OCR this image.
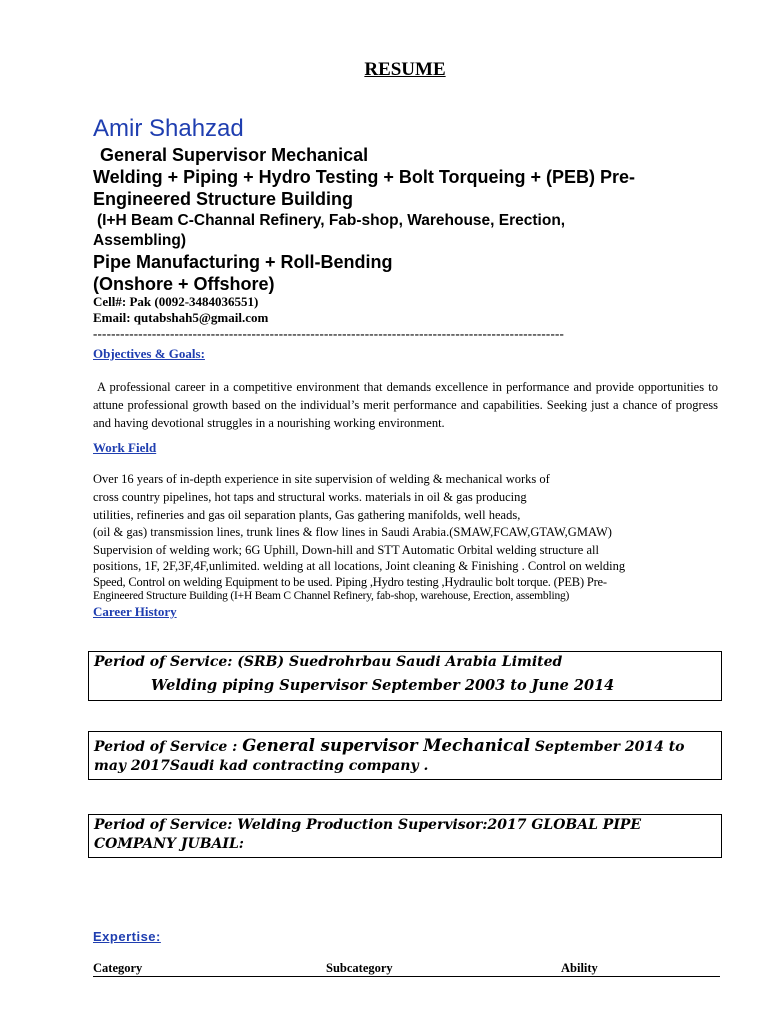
RESUME
Amir Shahzad
General Supervisor Mechanical
Welding + Piping + Hydro Testing + Bolt Torqueing + (PEB) Pre-
Engineered Structure Building
(I+H Beam C-Channal Refinery, Fab-shop, Warehouse, Erection,
Assembling)
Pipe Manufacturing + Roll-Bending
(Onshore + Offshore)
Cell#: Pak (0092-3484036551)
Email: qutabshah5@gmail.com
--------------------------------------------------------------------------------------------------------
Objectives & Goals:
A professional career in a competitive environment that demands excellence in performance and provide opportunities to attune professional growth based on the individual’s merit performance and capabilities. Seeking just a chance of progress and having devotional struggles in a nourishing working environment.
Work Field
Over 16 years of in-depth experience in site supervision of welding & mechanical works of
cross country pipelines, hot taps and structural works. materials in oil & gas producing
utilities, refineries and gas oil separation plants, Gas gathering manifolds, well heads,
(oil & gas) transmission lines, trunk lines & flow lines in Saudi Arabia.(SMAW,FCAW,GTAW,GMAW)
Supervision of welding work; 6G Uphill, Down-hill and STT Automatic Orbital welding structure all
positions, 1F, 2F,3F,4F,unlimited. welding at all locations, Joint cleaning & Finishing . Control on welding
Speed, Control on welding Equipment to be used. Piping ,Hydro testing ,Hydraulic bolt torque. (PEB) Pre-
Engineered Structure Building (I+H Beam C Channel Refinery, fab-shop, warehouse, Erection, assembling)
Career History
Period of Service: (SRB) Suedrohrbau Saudi Arabia Limited
Welding piping Supervisor September 2003 to June 2014
Period of Service : General supervisor Mechanical September 2014 to
may 2017Saudi kad contracting company .
Period of Service: Welding Production Supervisor:2017 GLOBAL PIPE
COMPANY JUBAIL:
Expertise:
Category	Subcategory	Ability
